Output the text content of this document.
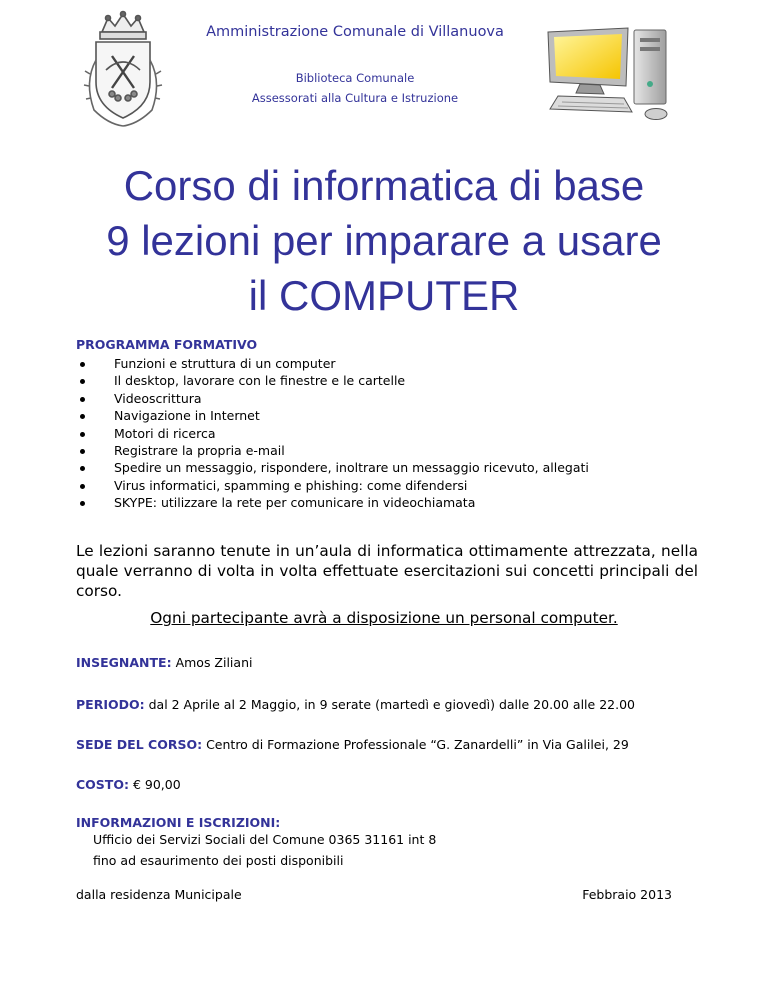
Amministrazione Comunale di Villanuova
Biblioteca Comunale
Assessorati alla Cultura e Istruzione
Corso di informatica di base
9 lezioni per imparare a usare
il COMPUTER
PROGRAMMA FORMATIVO
Funzioni e struttura di un computer
Il desktop, lavorare con le finestre e le cartelle
Videoscrittura
Navigazione in Internet
Motori di ricerca
Registrare la propria e-mail
Spedire un messaggio, rispondere, inoltrare un messaggio ricevuto, allegati
Virus informatici, spamming e phishing: come difendersi
SKYPE: utilizzare la rete per comunicare in videochiamata

Le lezioni saranno tenute in un’aula di informatica ottimamente attrezzata, nella quale verranno di volta in volta effettuate esercitazioni sui concetti principali del corso.

Ogni partecipante avrà a disposizione un personal computer.
INSEGNANTE: Amos Ziliani
PERIODO: dal 2 Aprile al 2 Maggio, in 9 serate (martedì e giovedì) dalle 20.00 alle 22.00
SEDE DEL CORSO: Centro di Formazione Professionale “G. Zanardelli” in Via Galilei, 29
COSTO: € 90,00
INFORMAZIONI E ISCRIZIONI:
Ufficio dei Servizi Sociali del Comune 0365 31161 int 8
fino ad esaurimento dei posti disponibili
dalla residenza Municipale	Febbraio 2013
